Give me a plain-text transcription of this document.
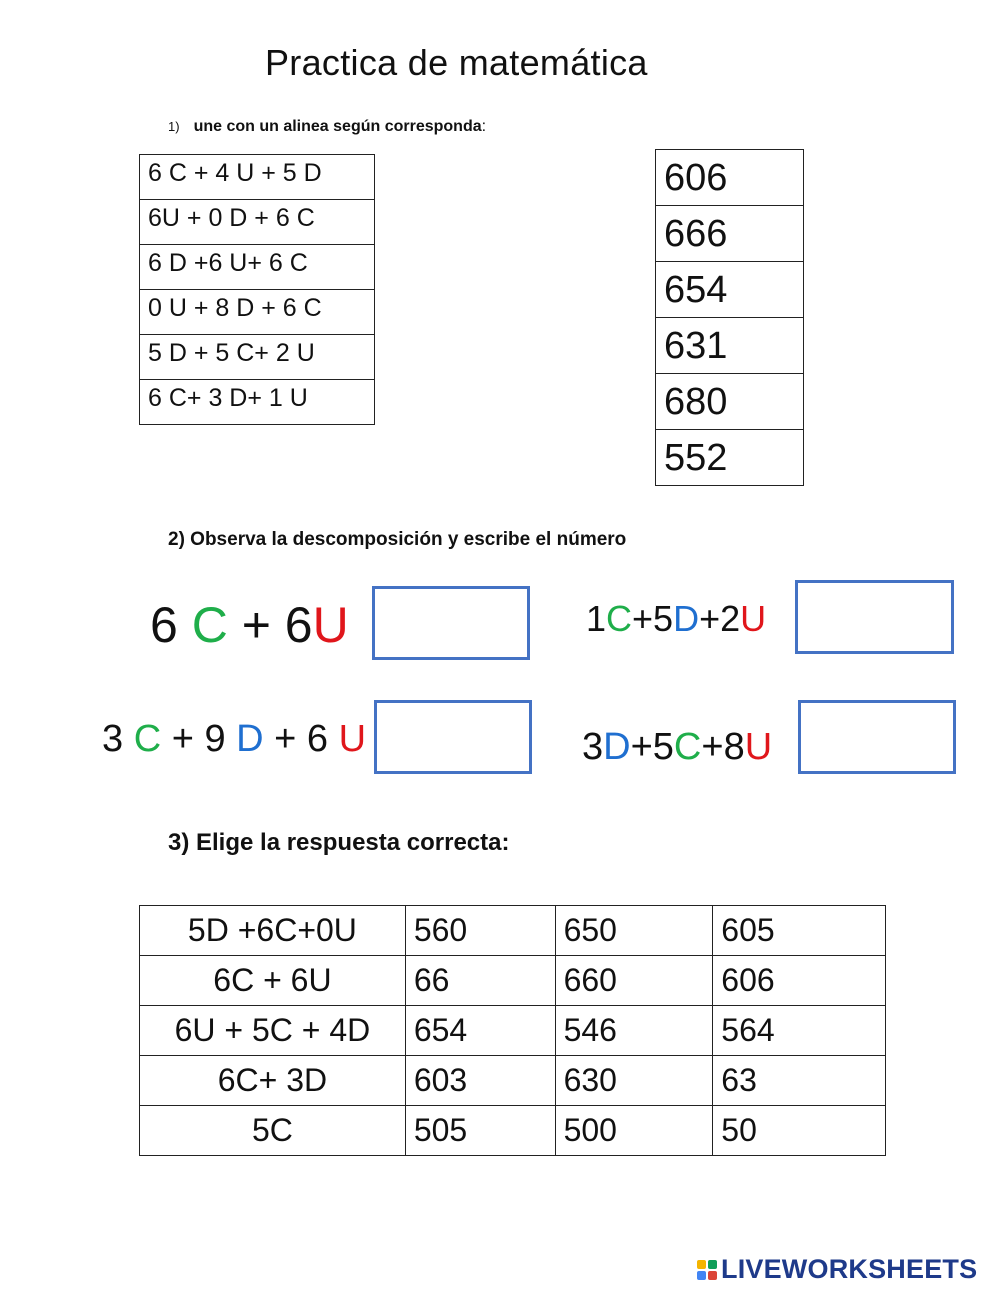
Practica de matemática
1) une con un alinea según corresponda:
6 C + 4 U + 5 D
6U + 0 D + 6 C
6 D +6 U+ 6 C
0 U + 8 D + 6 C
5 D + 5 C+ 2 U
6 C+ 3 D+ 1 U
606
666
654
631
680
552
2) Observa la descomposición y escribe el número
6 C + 6U	1C+5D+2U
3 C + 9 D + 6 U	3D+5C+8U
3) Elige la respuesta correcta:
5D +6C+0U	560	650	605
6C + 6U	66	660	606
6U + 5C + 4D	654	546	564
6C+ 3D	603	630	63
5C	505	500	50
LIVEWORKSHEETS
